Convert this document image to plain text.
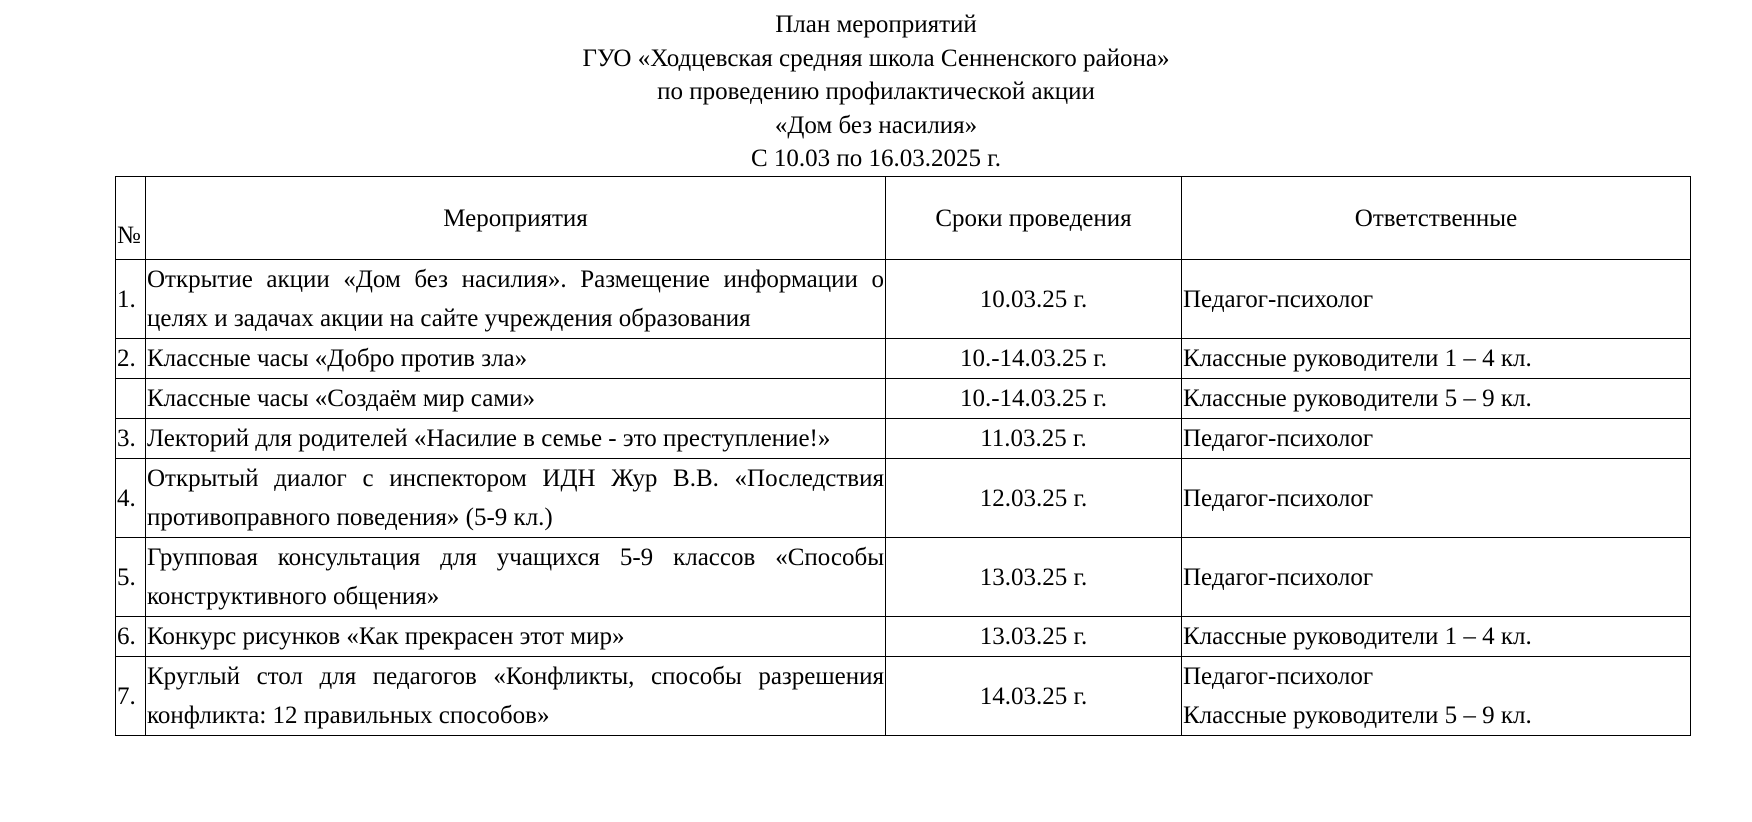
План мероприятий
ГУО «Ходцевская средняя школа Сенненского района»
по проведению профилактической акции
«Дом без насилия»
С 10.03 по 16.03.2025 г.
№	Мероприятия	Сроки проведения	Ответственные
1.	Открытие акции «Дом без насилия». Размещение информации о целях и задачах акции на сайте учреждения образования	10.03.25 г.	Педагог-психолог

2.	Классные часы «Добро против зла»	10.-14.03.25 г.	Классные руководители 1 – 4 кл.

	Классные часы «Создаём мир сами»	10.-14.03.25 г.	Классные руководители 5 – 9 кл.

3.	Лекторий для родителей «Насилие в семье - это преступление!»	11.03.25 г.	Педагог-психолог

4.	Открытый диалог с инспектором ИДН Жур В.В. «Последствия противоправного поведения» (5-9 кл.)	12.03.25 г.	Педагог-психолог

5.	Групповая консультация для учащихся 5-9 классов «Способы конструктивного общения»	13.03.25 г.	Педагог-психолог

6.	Конкурс рисунков «Как прекрасен этот мир»	13.03.25 г.	Классные руководители 1 – 4 кл.

7.	Круглый стол для педагогов «Конфликты, способы разрешения конфликта: 12 правильных способов»	14.03.25 г.	Педагог-психолог
Классные руководители 5 – 9 кл.
